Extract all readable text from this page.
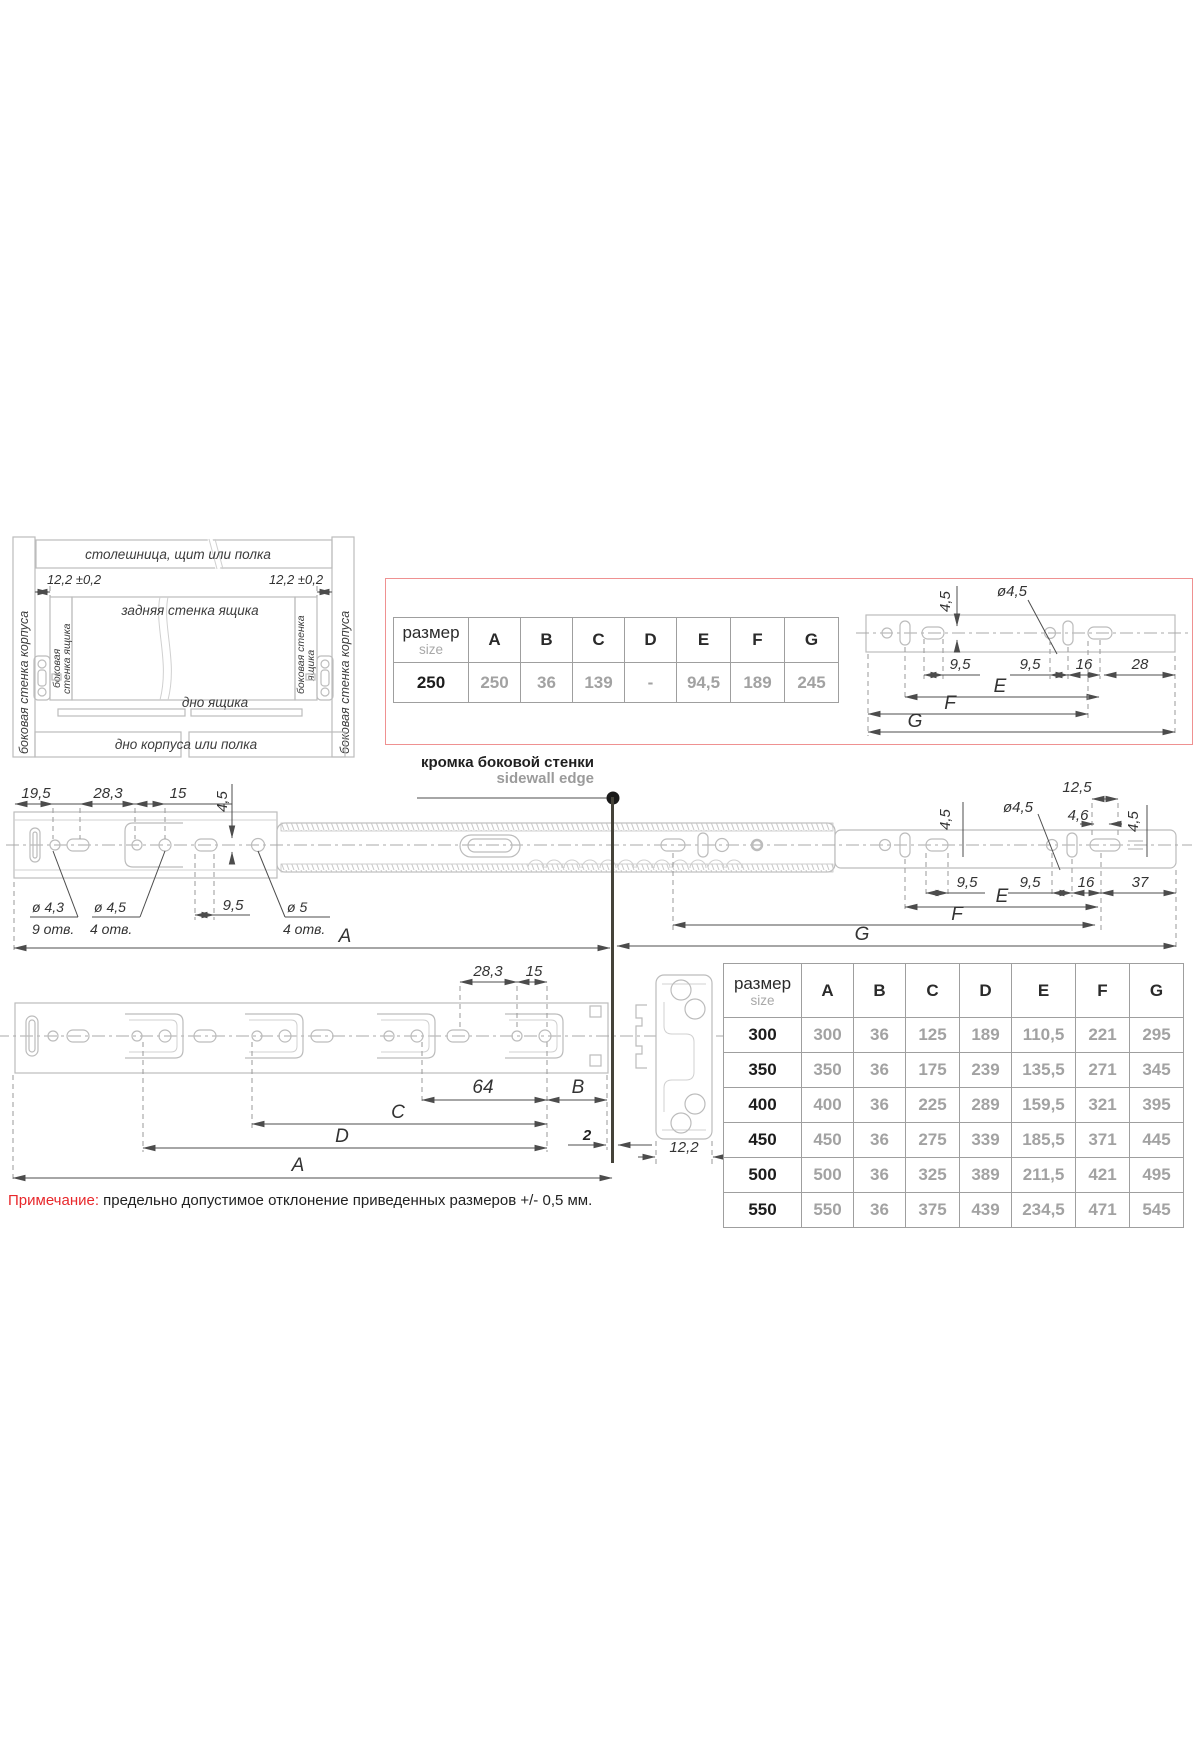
боковая стенка корпуса	боковая стенка корпуса
столешница, щит или полка
12,2 ±0,2	12,2 ±0,2
задняя стенка ящика
боковая
стенка ящика	боковая стенка
ящика
дно ящика
дно корпуса или полка
размер
size	A	B	C	D	E	F	G
250	250	36	139	-	94,5	189	245
4,5	ø4,5
9,5	9,5 16	28
E
F
G
кромка боковой стенки
sidewall edge
19,5	28,3	15 4,5
ø 4,3
9 отв.
ø 4,5
4 отв.
9,5	ø 5
4 отв. A
12,5
ø4,5 4,6
4,5	4,5
9,5	9,5 16 37
E
F
G
28,3 15
64	B
C
D
A
2
12,2
размер
size	A	B	C	D	E	F	G
300	300	36	125	189	110,5	221	295
350	350	36	175	239	135,5	271	345
400	400	36	225	289	159,5	321	395
450	450	36	275	339	185,5	371	445
500	500	36	325	389	211,5	421	495
550	550	36	375	439	234,5	471	545
Примечание: предельно допустимое отклонение приведенных размеров +/- 0,5 мм.
